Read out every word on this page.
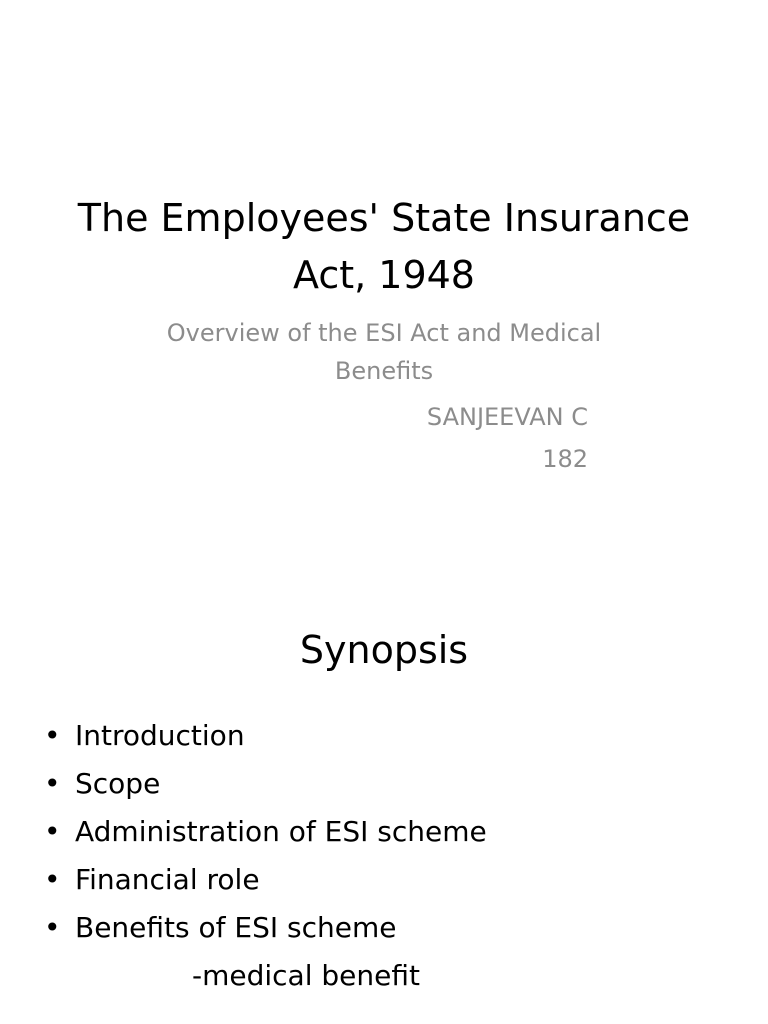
The Employees' State Insurance
Act, 1948
Overview of the ESI Act and Medical
Benefits
SANJEEVAN C
182
Synopsis
• Introduction
• Scope
• Administration of ESI scheme
• Financial role
• Benefits of ESI scheme
-medical benefit
